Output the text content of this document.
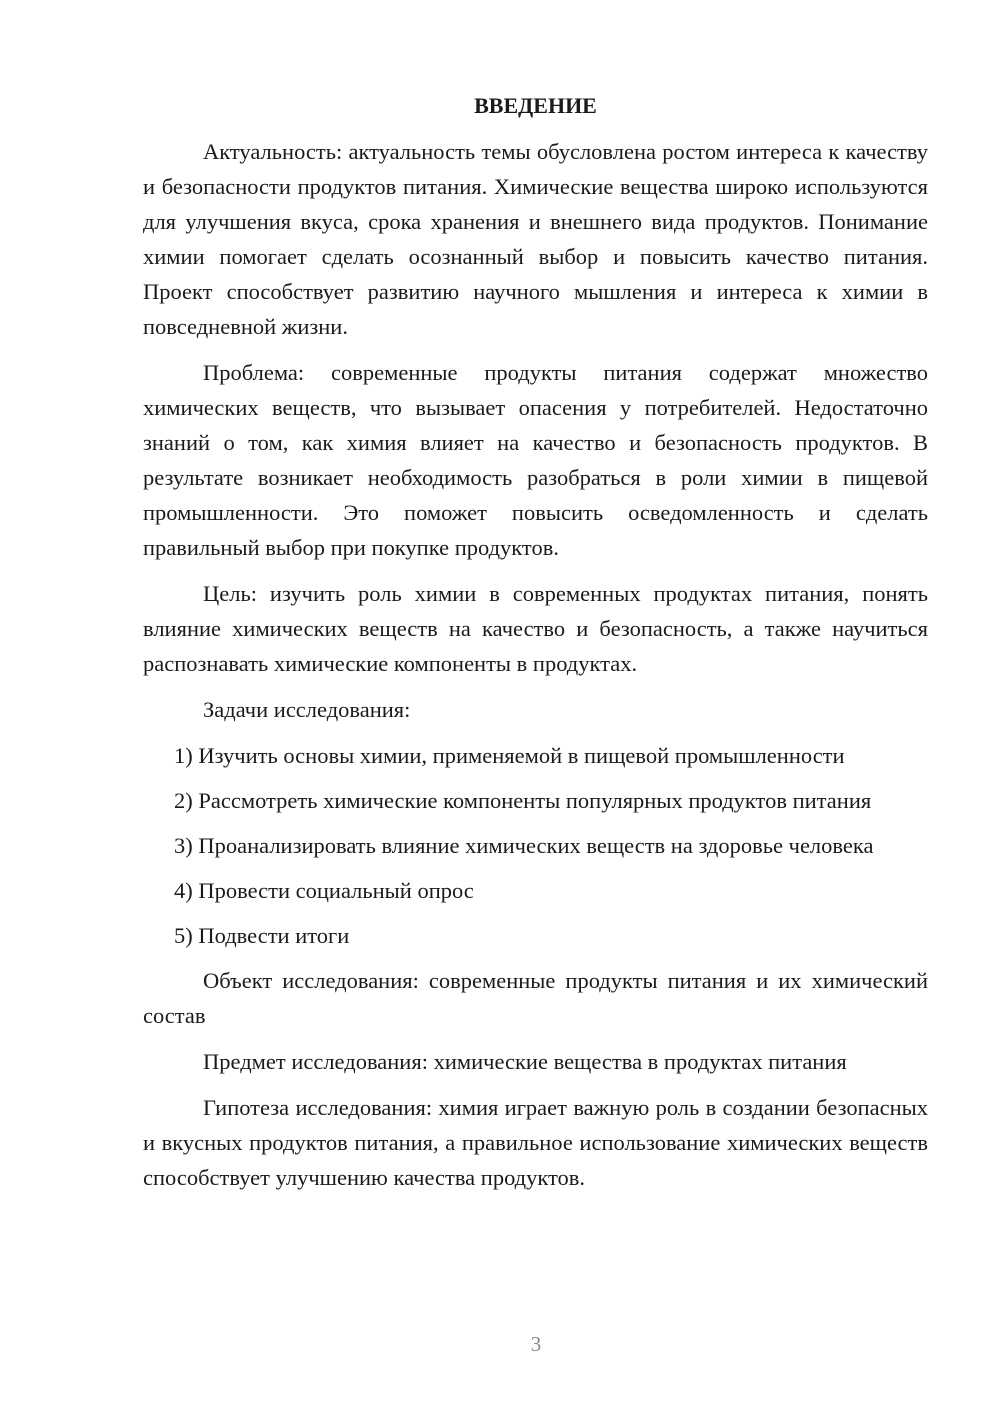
ВВЕДЕНИЕ

Актуальность: актуальность темы обусловлена ростом интереса к качеству и безопасности продуктов питания. Химические вещества широко используются для улучшения вкуса, срока хранения и внешнего вида продуктов. Понимание химии помогает сделать осознанный выбор и повысить качество питания. Проект способствует развитию научного мышления и интереса к химии в повседневной жизни.

Проблема: современные продукты питания содержат множество химических веществ, что вызывает опасения у потребителей. Недостаточно знаний о том, как химия влияет на качество и безопасность продуктов. В результате возникает необходимость разобраться в роли химии в пищевой промышленности. Это поможет повысить осведомленность и сделать правильный выбор при покупке продуктов.

Цель: изучить роль химии в современных продуктах питания, понять влияние химических веществ на качество и безопасность, а также научиться распознавать химические компоненты в продуктах.

Задачи исследования:

1) Изучить основы химии, применяемой в пищевой промышленности

2) Рассмотреть химические компоненты популярных продуктов питания

3) Проанализировать влияние химических веществ на здоровье человека

4) Провести социальный опрос

5) Подвести итоги

Объект исследования: современные продукты питания и их химический состав

Предмет исследования: химические вещества в продуктах питания

Гипотеза исследования: химия играет важную роль в создании безопасных и вкусных продуктов питания, а правильное использование химических веществ способствует улучшению качества продуктов.

3
